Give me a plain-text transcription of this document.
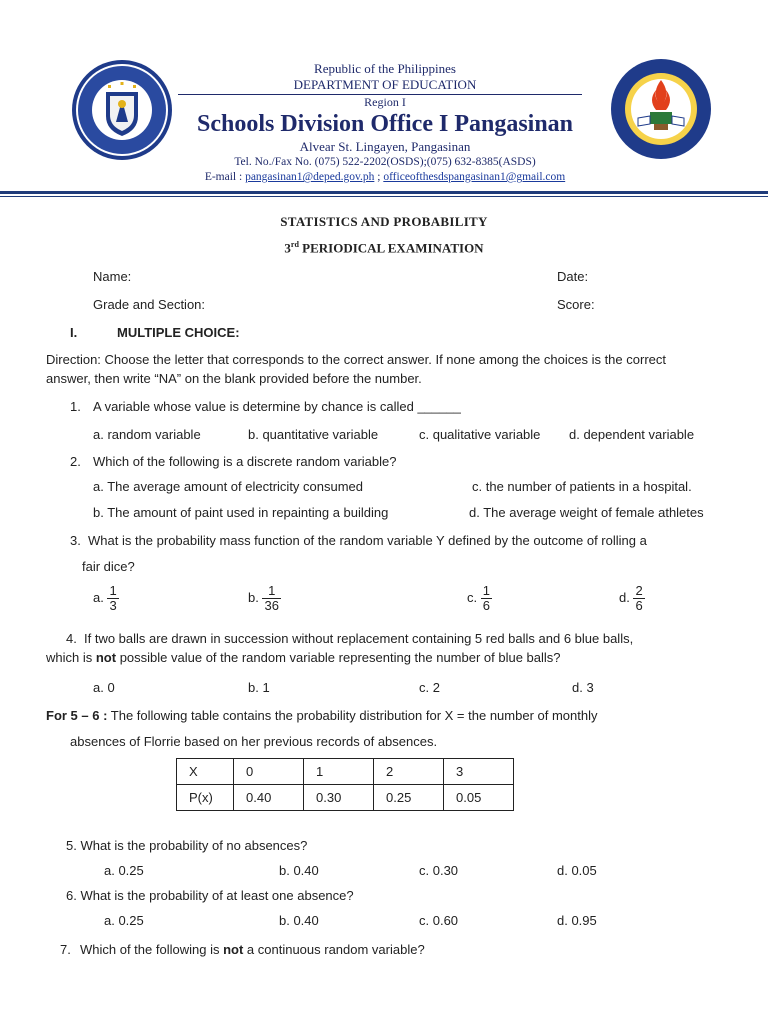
Republic of the Philippines
DEPARTMENT OF EDUCATION
Region I
Schools Division Office I Pangasinan
Alvear St. Lingayen, Pangasinan
Tel. No./Fax No. (075) 522-2202(OSDS);(075) 632-8385(ASDS)
E-mail : pangasinan1@deped.gov.ph ; officeofthesdspangasinan1@gmail.com
STATISTICS AND PROBABILITY
3rd PERIODICAL EXAMINATION
Name:	Date:
Grade and Section:	Score:
I.	MULTIPLE CHOICE:
Direction: Choose the letter that corresponds to the correct answer. If none among the choices is the correct
answer, then write “NA” on the blank provided before the number.
1. A variable whose value is determine by chance is called ______
a. random variable	b. quantitative variable	c. qualitative variable d. dependent variable
2. Which of the following is a discrete random variable?
a. The average amount of electricity consumed	c. the number of patients in a hospital.
b. The amount of paint used in repainting a building	d. The average weight of female athletes
3. What is the probability mass function of the random variable Y defined by the outcome of rolling a
fair dice?
a. $\frac{1}{3}$	b. $\frac{1}{36}$	c. $\frac{1}{6}$	d. $\frac{2}{6}$
4. If two balls are drawn in succession without replacement containing 5 red balls and 6 blue balls,
which is not possible value of the random variable representing the number of blue balls?
a. 0	b. 1	c. 2	d. 3
For 5 – 6 : The following table contains the probability distribution for X = the number of monthly
absences of Florrie based on her previous records of absences.
X	0	1	2	3
P(x)	0.40	0.30	0.25	0.05
5. What is the probability of no absences?
a. 0.25	b. 0.40	c. 0.30	d. 0.05
6. What is the probability of at least one absence?
a. 0.25	b. 0.40	c. 0.60	d. 0.95
7. Which of the following is not a continuous random variable?
